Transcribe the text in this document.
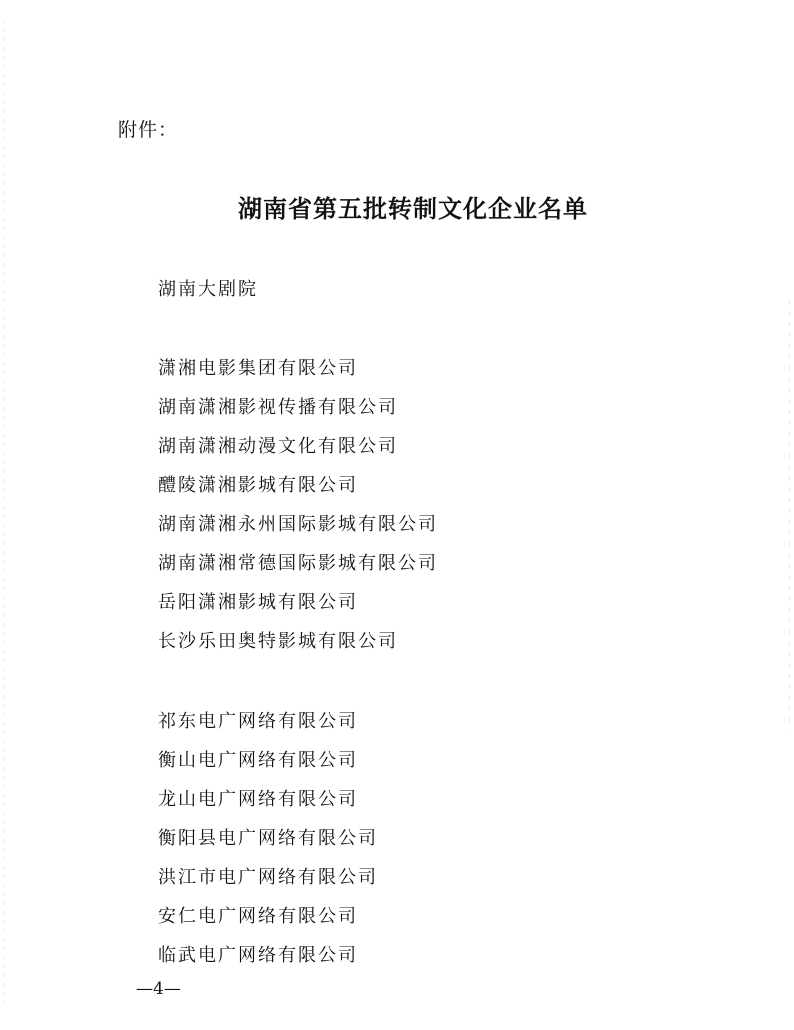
附件：
湖南省第五批转制文化企业名单
湖南大剧院
潇湘电影集团有限公司
湖南潇湘影视传播有限公司
湖南潇湘动漫文化有限公司
醴陵潇湘影城有限公司
湖南潇湘永州国际影城有限公司
湖南潇湘常德国际影城有限公司
岳阳潇湘影城有限公司
长沙乐田奥特影城有限公司
祁东电广网络有限公司
衡山电广网络有限公司
龙山电广网络有限公司
衡阳县电广网络有限公司
洪江市电广网络有限公司
安仁电广网络有限公司
临武电广网络有限公司
—4—
